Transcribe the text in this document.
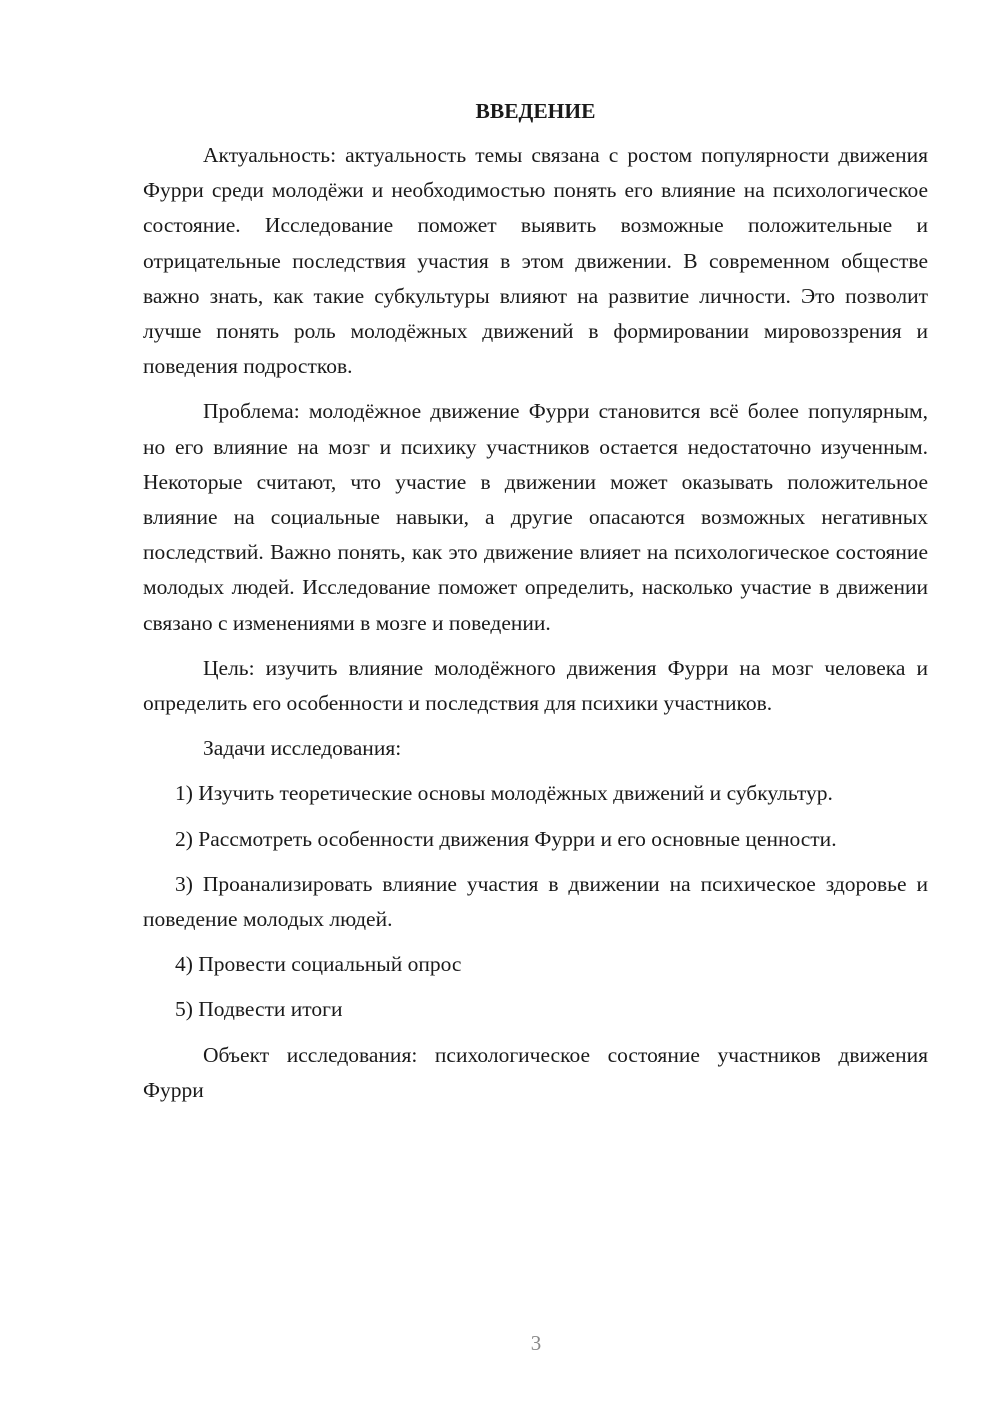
ВВЕДЕНИЕ

Актуальность: актуальность темы связана с ростом популярности движения Фурри среди молодёжи и необходимостью понять его влияние на психологическое состояние. Исследование поможет выявить возможные положительные и отрицательные последствия участия в этом движении. В современном обществе важно знать, как такие субкультуры влияют на развитие личности. Это позволит лучше понять роль молодёжных движений в формировании мировоззрения и поведения подростков.

Проблема: молодёжное движение Фурри становится всё более популярным, но его влияние на мозг и психику участников остается недостаточно изученным. Некоторые считают, что участие в движении может оказывать положительное влияние на социальные навыки, а другие опасаются возможных негативных последствий. Важно понять, как это движение влияет на психологическое состояние молодых людей. Исследование поможет определить, насколько участие в движении связано с изменениями в мозге и поведении.

Цель: изучить влияние молодёжного движения Фурри на мозг человека и определить его особенности и последствия для психики участников.

Задачи исследования:

1) Изучить теоретические основы молодёжных движений и субкультур.

2) Рассмотреть особенности движения Фурри и его основные ценности.

3) Проанализировать влияние участия в движении на психическое здоровье и поведение молодых людей.

4) Провести социальный опрос

5) Подвести итоги

Объект исследования: психологическое состояние участников движения Фурри

3
